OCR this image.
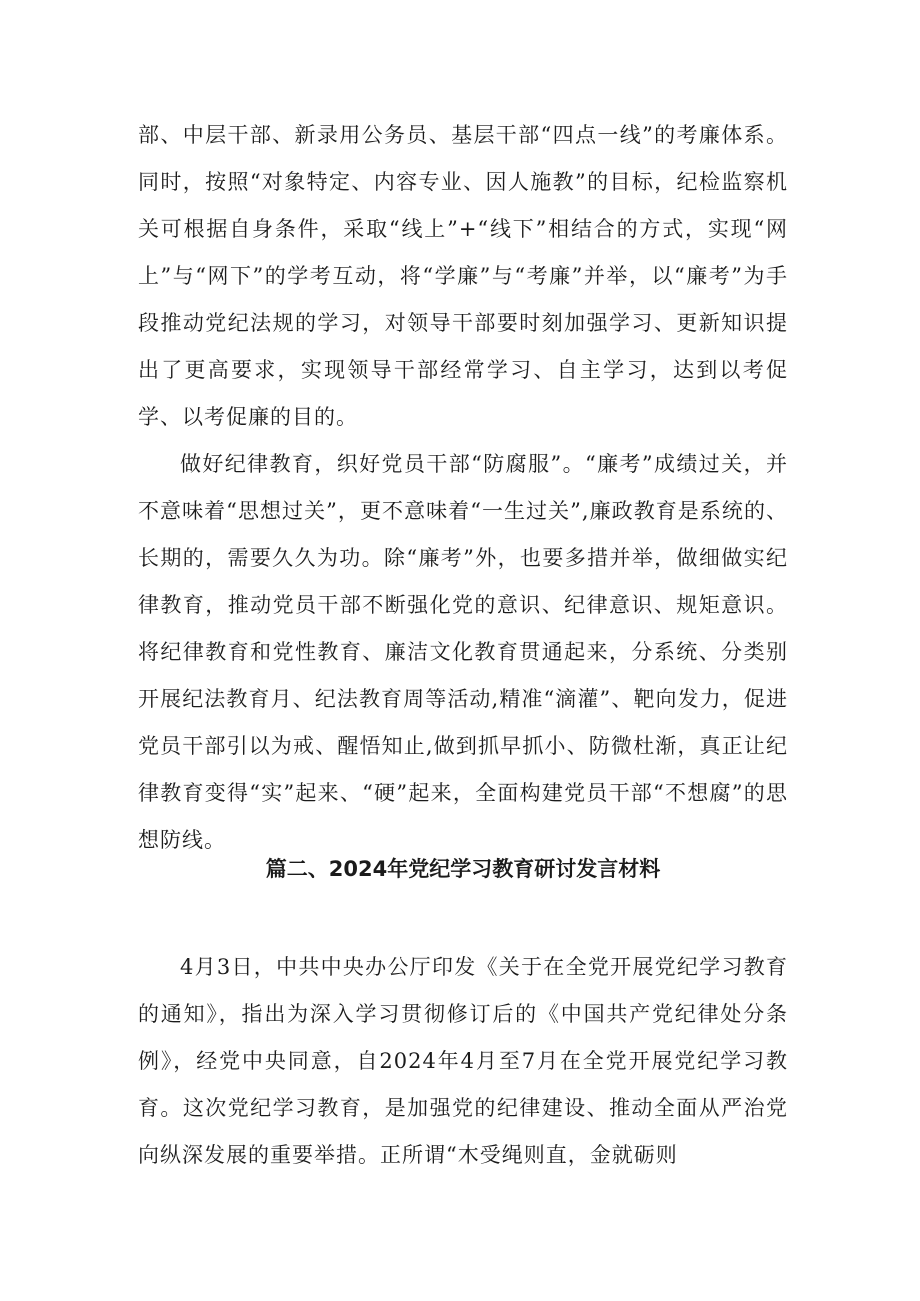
部、中层干部、新录用公务员、基层干部“四点一线”的考廉体系。同时，按照“对象特定、内容专业、因人施教”的目标，纪检监察机关可根据自身条件，采取“线上”+“线下”相结合的方式，实现“网上”与“网下”的学考互动，将“学廉”与“考廉”并举，以“廉考”为手段推动党纪法规的学习，对领导干部要时刻加强学习、更新知识提出了更高要求，实现领导干部经常学习、自主学习，达到以考促学、以考促廉的目的。

做好纪律教育，织好党员干部“防腐服”。“廉考”成绩过关，并不意味着“思想过关”，更不意味着“一生过关”,廉政教育是系统的、长期的，需要久久为功。除“廉考”外，也要多措并举，做细做实纪律教育，推动党员干部不断强化党的意识、纪律意识、规矩意识。将纪律教育和党性教育、廉洁文化教育贯通起来，分系统、分类别开展纪法教育月、纪法教育周等活动,精准“滴灌”、靶向发力，促进党员干部引以为戒、醒悟知止,做到抓早抓小、防微杜渐，真正让纪律教育变得“实”起来、“硬”起来，全面构建党员干部“不想腐”的思想防线。

篇二、2024年党纪学习教育研讨发言材料

4月3日，中共中央办公厅印发《关于在全党开展党纪学习教育的通知》，指出为深入学习贯彻修订后的《中国共产党纪律处分条例》，经党中央同意，自2024年4月至7月在全党开展党纪学习教育。这次党纪学习教育，是加强党的纪律建设、推动全面从严治党向纵深发展的重要举措。正所谓“木受绳则直，金就砺则
